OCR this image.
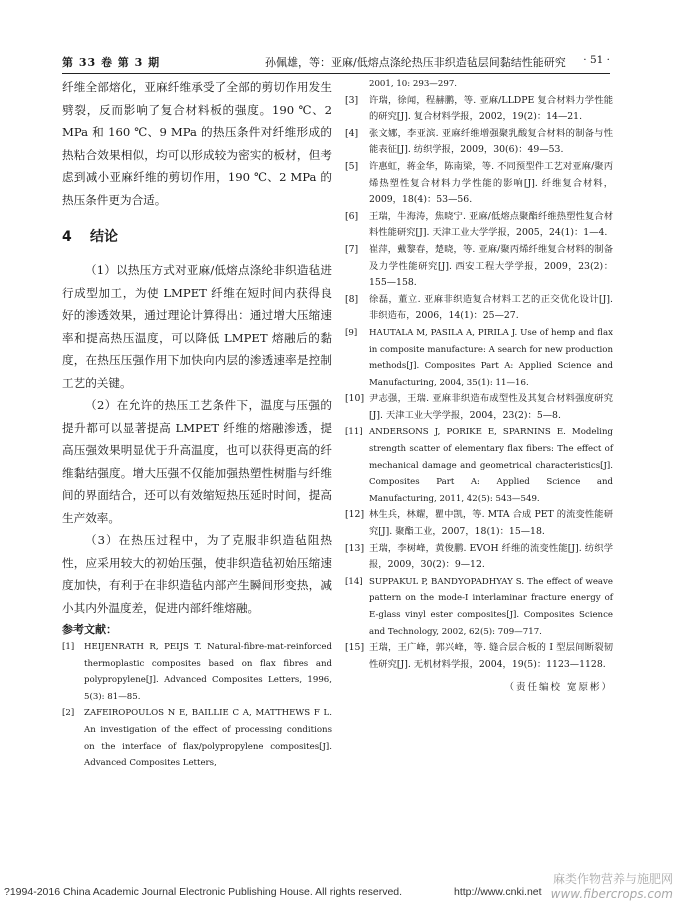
第 33 卷 第 3 期	孙佩雄，等：亚麻/低熔点涤纶热压非织造毡层间黏结性能研究 · 51 ·

纤维全部熔化，亚麻纤维承受了全部的剪切作用发生劈裂，反而影响了复合材料板的强度。190 ℃、2 MPa 和 160 ℃、9 MPa 的热压条件对纤维形成的热粘合效果相似，均可以形成较为密实的板材，但考虑到减小亚麻纤维的剪切作用，190 ℃、2 MPa 的热压条件更为合适。

4 结论

（1）以热压方式对亚麻/低熔点涤纶非织造毡进行成型加工，为使 LMPET 纤维在短时间内获得良好的渗透效果，通过理论计算得出：通过增大压缩速率和提高热压温度，可以降低 LMPET 熔融后的黏度，在热压压强作用下加快向内层的渗透速率是控制工艺的关键。

（2）在允许的热压工艺条件下，温度与压强的提升都可以显著提高 LMPET 纤维的熔融渗透，提高压强效果明显优于升高温度，也可以获得更高的纤维黏结强度。增大压强不仅能加强热塑性树脂与纤维间的界面结合，还可以有效缩短热压延时时间，提高生产效率。

（3）在热压过程中，为了克服非织造毡阻热性，应采用较大的初始压强，使非织造毡初始压缩速度加快，有利于在非织造毡内部产生瞬间形变热，减小其内外温度差，促进内部纤维熔融。

参考文献：
[1] HEIJENRATH R, PEIJS T. Natural-fibre-mat-reinforced thermoplastic composites based on flax fibres and polypropylene[J]. Advanced Composites Letters, 1996, 5(3): 81—85.
[2] ZAFEIROPOULOS N E, BAILLIE C A, MATTHEWS F L. An investigation of the effect of processing conditions on the interface of flax/polypropylene composites[J]. Advanced Composites Letters,
2001, 10: 293—297.
[3] 许瑞，徐闻，程赫鹏，等. 亚麻/LLDPE 复合材料力学性能的研究[J]. 复合材料学报，2002，19(2)：14—21.
[4] 张文娜，李亚滨. 亚麻纤维增强聚乳酸复合材料的制备与性能表征[J]. 纺织学报，2009，30(6)：49—53.
[5] 许惠虹，蒋金华，陈南梁，等. 不同预型件工艺对亚麻/聚丙烯热塑性复合材料力学性能的影响[J]. 纤维复合材料，2009，18(4)：53—56.
[6] 王瑞，牛海涛，焦晓宁. 亚麻/低熔点聚酯纤维热塑性复合材料性能研究[J]. 天津工业大学学报，2005，24(1)：1—4.
[7] 崔萍，戴黎春，楚晓，等. 亚麻/聚丙烯纤维复合材料的制备及力学性能研究[J]. 西安工程大学学报，2009，23(2)：155—158.
[8] 徐磊，董立. 亚麻非织造复合材料工艺的正交优化设计[J]. 非织造布，2006，14(1)：25—27.
[9] HAUTALA M, PASILA A, PIRILA J. Use of hemp and flax in composite manufacture: A search for new production methods[J]. Composites Part A: Applied Science and Manufacturing, 2004, 35(1): 11—16.
[10] 尹志强，王瑞. 亚麻非织造布成型性及其复合材料强度研究[J]. 天津工业大学学报，2004，23(2)：5—8.
[11] ANDERSONS J, PORIKE E, SPARNINS E. Modeling strength scatter of elementary flax fibers: The effect of mechanical damage and geometrical characteristics[J]. Composites Part A: Applied Science and Manufacturing, 2011, 42(5): 543—549.
[12] 林生兵，林耀，瞿中凯，等. MTA 合成 PET 的流变性能研究[J]. 聚酯工业，2007，18(1)：15—18.
[13] 王瑞，李树峰，黄俊鹏. EVOH 纤维的流变性能[J]. 纺织学报，2009，30(2)：9—12.
[14] SUPPAKUL P, BANDYOPADHYAY S. The effect of weave pattern on the mode-I interlaminar fracture energy of E-glass vinyl ester composites[J]. Composites Science and Technology, 2002, 62(5): 709—717.
[15] 王瑞，王广峰，郭兴峰，等. 缝合层合板的 I 型层间断裂韧性研究[J]. 无机材料学报，2004，19(5)：1123—1128.
（责任编校 宽原彬）
?1994-2016 China Academic Journal Electronic Publishing House. All rights reserved.	http://www.cnki.net
麻类作物营养与施肥网
www.fibercrops.com
